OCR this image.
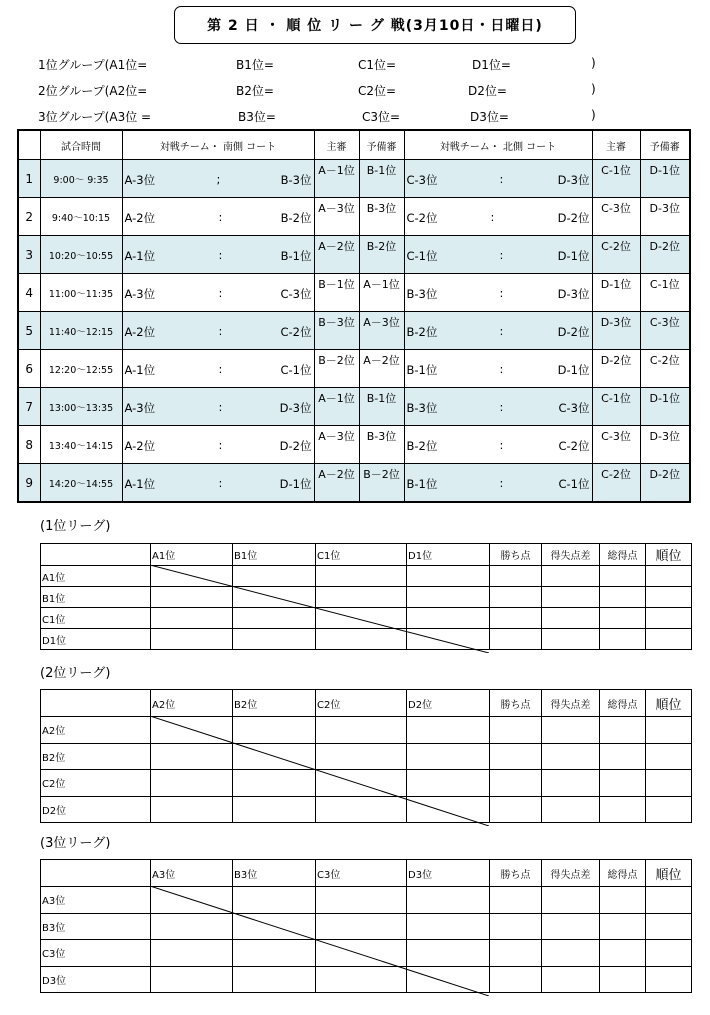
第 2 日 ・ 順 位 リ ー グ 戦(3月10日・日曜日)
1位グループ(A1位=	B1位=	C1位=	D1位=	)
2位グループ(A2位=	B2位=	C2位=	D2位=	)
3位グループ(A3位 =	B3位=	C3位=	D3位=	)
	試合時間	対戦チーム・ 南側 コート	主審	予備審	対戦チーム・ 北側 コート	主審	予備審
1	9:00～ 9:35	A-3位 ; B-3位	A－1位	B-1位	C-3位 : D-3位	C-1位	D-1位

2	9:40～10:15	A-2位 : B-2位	A－3位	B-3位	C-2位 : D-2位	C-3位	D-3位

3	10:20～10:55	A-1位 : B-1位	A－2位	B-2位	C-1位 : D-1位	C-2位	D-2位

4	11:00～11:35	A-3位 : C-3位	B－1位	A－1位	B-3位 : D-3位	D-1位	C-1位

5	11:40～12:15	A-2位 : C-2位	B－3位	A－3位	B-2位 : D-2位	D-3位	C-3位

6	12:20～12:55	A-1位 : C-1位	B－2位	A－2位	B-1位 : D-1位	D-2位	C-2位

7	13:00～13:35	A-3位 : D-3位	A－1位	B-1位	B-3位 : C-3位	C-1位	D-1位

8	13:40～14:15	A-2位 : D-2位	A－3位	B-3位	B-2位 : C-2位	C-3位	D-3位

9	14:20～14:55	A-1位 : D-1位	A－2位	B－2位	B-1位 : C-1位	C-2位	D-2位
(1位リーグ)
	A1位	B1位	C1位	D1位	勝ち点	得失点差	総得点	順位
A1位								
B1位								
C1位								
D1位								
(2位リーグ)
	A2位	B2位	C2位	D2位	勝ち点	得失点差	総得点	順位
A2位								
B2位								
C2位								
D2位								
(3位リーグ)
	A3位	B3位	C3位	D3位	勝ち点	得失点差	総得点	順位
A3位								
B3位								
C3位								
D3位								
